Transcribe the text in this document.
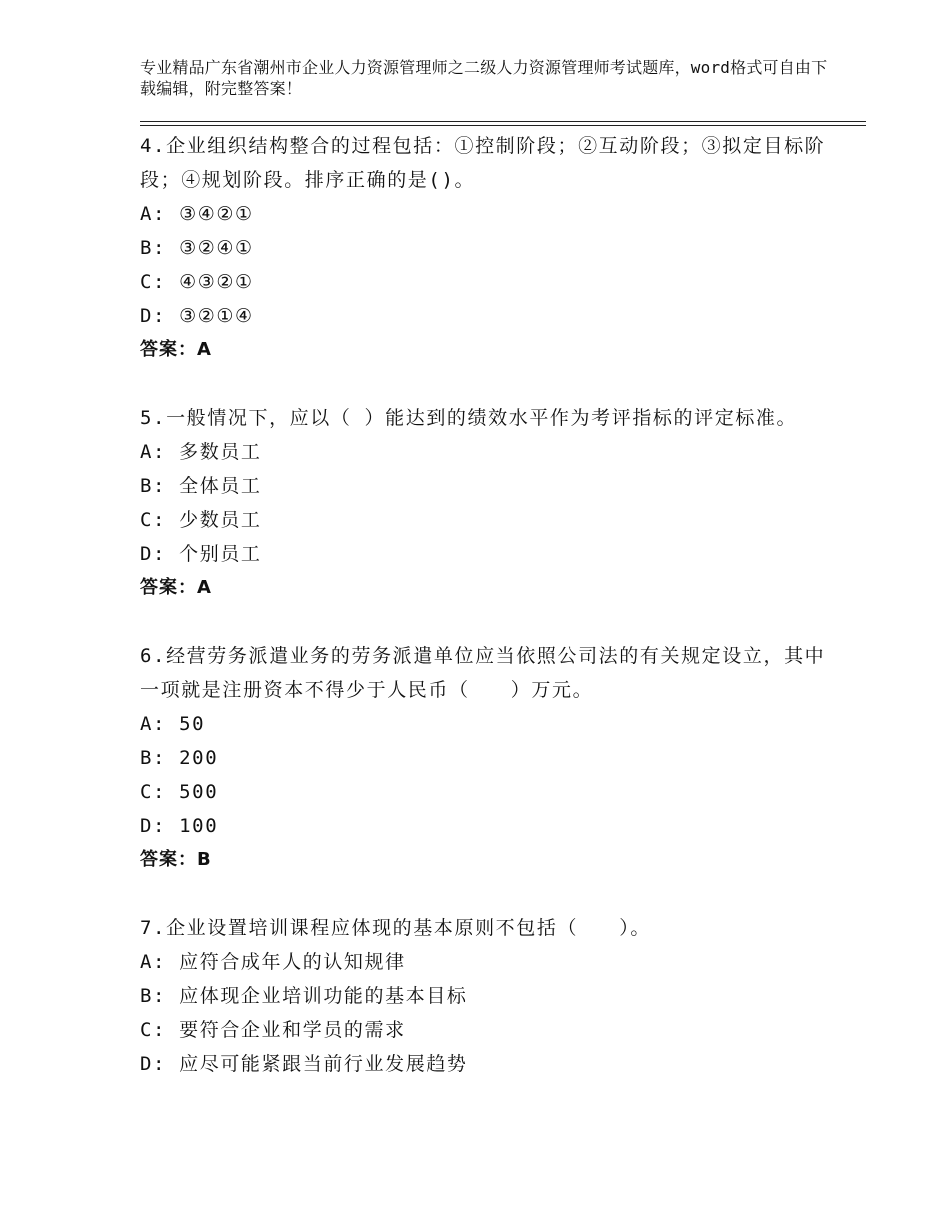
专业精品广东省潮州市企业人力资源管理师之二级人力资源管理师考试题库，word格式可自由下载编辑，附完整答案！

4.企业组织结构整合的过程包括：①控制阶段；②互动阶段；③拟定目标阶段；④规划阶段。排序正确的是()。

A: ③④②①
B: ③②④①
C: ④③②①
D: ③②①④
答案：A

5.一般情况下，应以（ ）能达到的绩效水平作为考评指标的评定标准。

A: 多数员工
B: 全体员工
C: 少数员工
D: 个别员工
答案：A

6.经营劳务派遣业务的劳务派遣单位应当依照公司法的有关规定设立，其中一项就是注册资本不得少于人民币（　　）万元。

A: 50
B: 200
C: 500
D: 100
答案：B

7.企业设置培训课程应体现的基本原则不包括（　　）。

A: 应符合成年人的认知规律
B: 应体现企业培训功能的基本目标
C: 要符合企业和学员的需求
D: 应尽可能紧跟当前行业发展趋势
